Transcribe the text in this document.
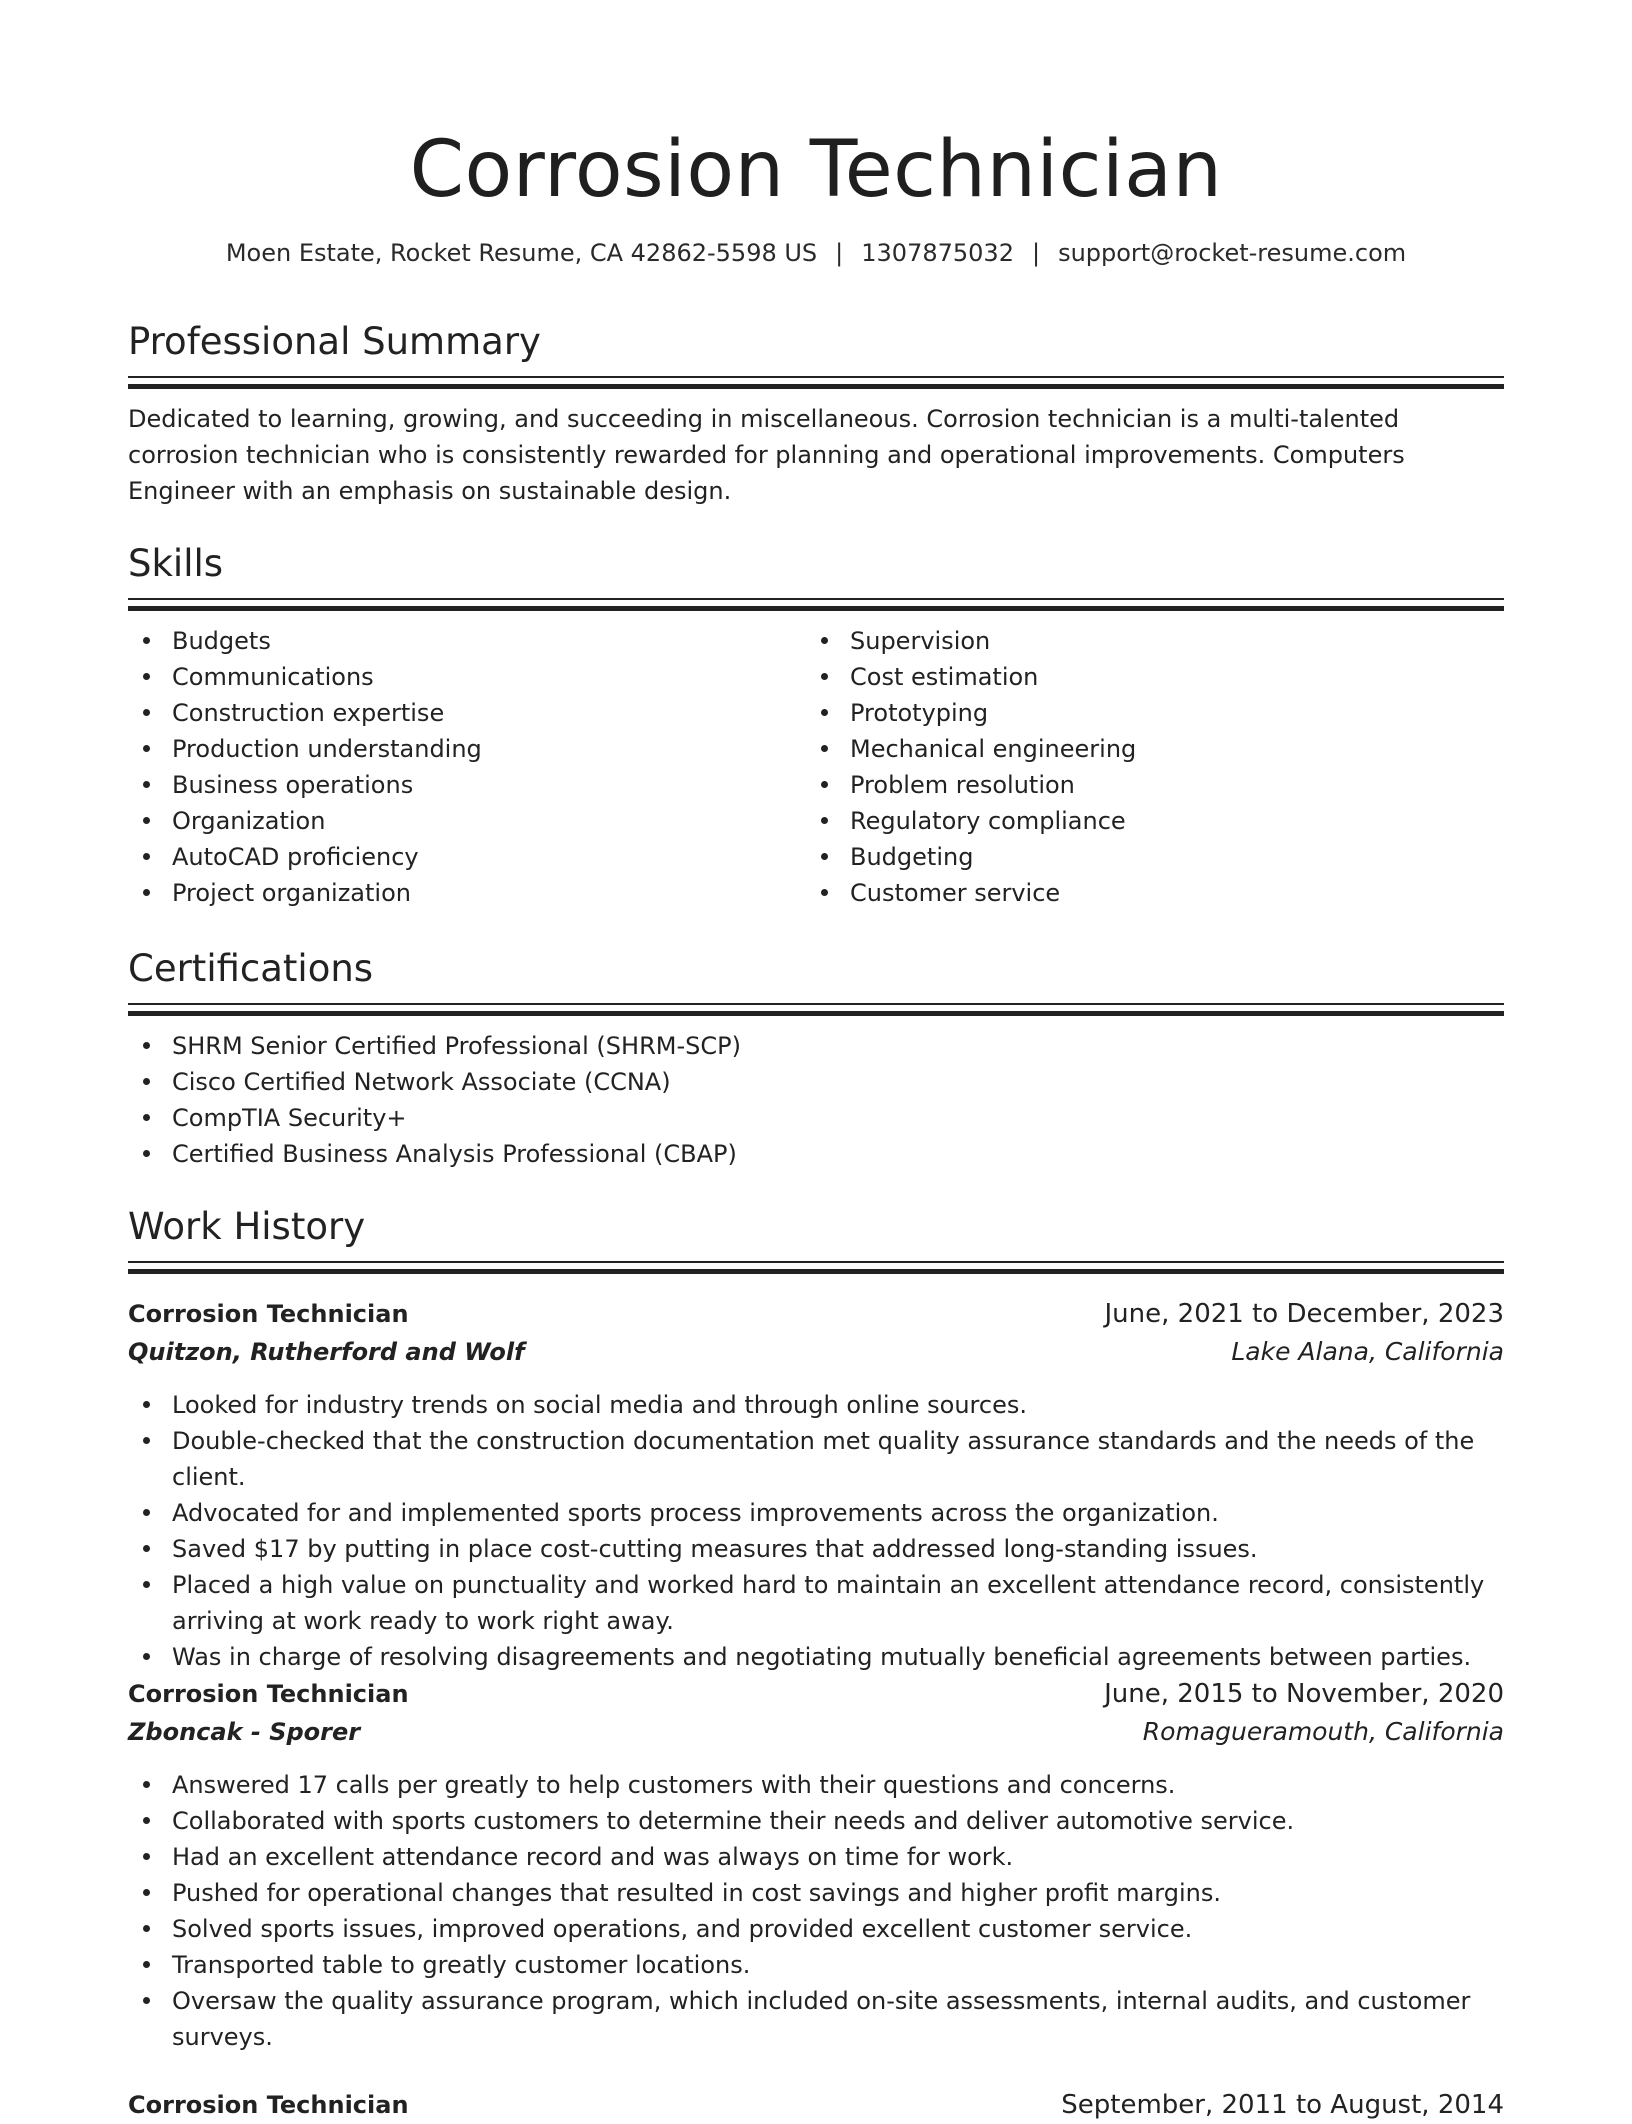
Corrosion Technician
Moen Estate, Rocket Resume, CA 42862-5598 US | 1307875032 | support@rocket-resume.com
Professional Summary

Dedicated to learning, growing, and succeeding in miscellaneous. Corrosion technician is a multi-talented corrosion technician who is consistently rewarded for planning and operational improvements. Computers Engineer with an emphasis on sustainable design.

Skills
Budgets
Communications
Construction expertise
Production understanding
Business operations
Organization
AutoCAD proficiency
Project organization
Supervision
Cost estimation
Prototyping
Mechanical engineering
Problem resolution
Regulatory compliance
Budgeting
Customer service
Certifications
SHRM Senior Certified Professional (SHRM-SCP)
Cisco Certified Network Associate (CCNA)
CompTIA Security+
Certified Business Analysis Professional (CBAP)
Work History
Corrosion Technician	June, 2021 to December, 2023
Quitzon, Rutherford and Wolf	Lake Alana, California
Looked for industry trends on social media and through online sources.
Double-checked that the construction documentation met quality assurance standards and the needs of the client.
Advocated for and implemented sports process improvements across the organization.
Saved $17 by putting in place cost-cutting measures that addressed long-standing issues.
Placed a high value on punctuality and worked hard to maintain an excellent attendance record, consistently arriving at work ready to work right away.
Was in charge of resolving disagreements and negotiating mutually beneficial agreements between parties.
Corrosion Technician	June, 2015 to November, 2020
Zboncak - Sporer	Romagueramouth, California
Answered 17 calls per greatly to help customers with their questions and concerns.
Collaborated with sports customers to determine their needs and deliver automotive service.
Had an excellent attendance record and was always on time for work.
Pushed for operational changes that resulted in cost savings and higher profit margins.
Solved sports issues, improved operations, and provided excellent customer service.
Transported table to greatly customer locations.
Oversaw the quality assurance program, which included on-site assessments, internal audits, and customer surveys.
Corrosion Technician	September, 2011 to August, 2014
